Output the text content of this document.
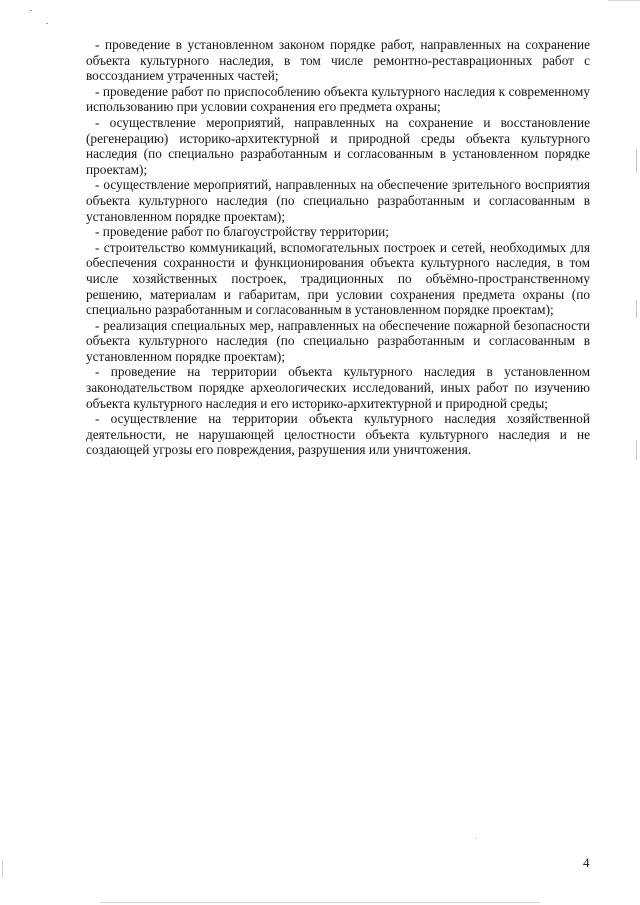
- проведение в установленном законом порядке работ, направленных на сохранение объекта культурного наследия, в том числе ремонтно-реставрационных работ с воссозданием утраченных частей;

- проведение работ по приспособлению объекта культурного наследия к современному использованию при условии сохранения его предмета охраны;

- осуществление мероприятий, направленных на сохранение и восстановление (регенерацию) историко-архитектурной и природной среды объекта культурного наследия (по специально разработанным и согласованным в установленном порядке проектам);

- осуществление мероприятий, направленных на обеспечение зрительного восприятия объекта культурного наследия (по специально разработанным и согласованным в установленном порядке проектам);

- проведение работ по благоустройству территории;

- строительство коммуникаций, вспомогательных построек и сетей, необходимых для обеспечения сохранности и функционирования объекта культурного наследия, в том числе хозяйственных построек, традиционных по объёмно-пространственному решению, материалам и габаритам, при условии сохранения предмета охраны (по специально разработанным и согласованным в установленном порядке проектам);

- реализация специальных мер, направленных на обеспечение пожарной безопасности объекта культурного наследия (по специально разработанным и согласованным в установленном порядке проектам);

- проведение на территории объекта культурного наследия в установленном законодательством порядке археологических исследований, иных работ по изучению объекта культурного наследия и его историко-архитектурной и природной среды;

- осуществление на территории объекта культурного наследия хозяйственной деятельности, не нарушающей целостности объекта культурного наследия и не создающей угрозы его повреждения, разрушения или уничтожения.

4
